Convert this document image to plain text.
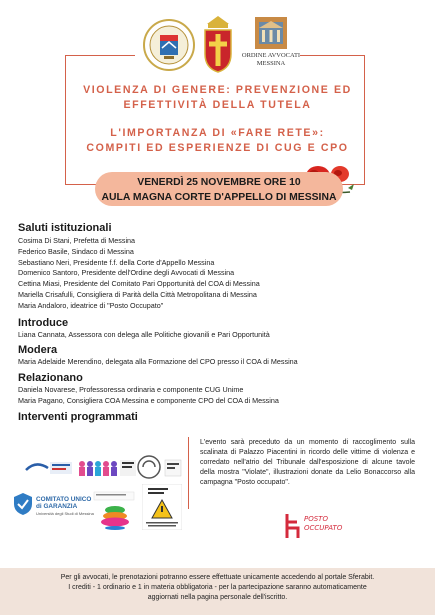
ORDINE AVVOCATI
MESSINA
VIOLENZA DI GENERE: PREVENZIONE ED
EFFETTIVITÀ DELLA TUTELA
L'IMPORTANZA DI «FARE RETE»:
COMPITI ED ESPERIENZE DI CUG E CPO
VENERDÌ 25 NOVEMBRE ORE 10
AULA MAGNA CORTE D'APPELLO DI MESSINA
Saluti istituzionali
Cosima Di Stani, Prefetta di Messina
Federico Basile, Sindaco di Messina
Sebastiano Neri, Presidente f.f. della Corte d'Appello Messina
Domenico Santoro, Presidente dell'Ordine degli Avvocati di Messina
Cettina Miasi, Presidente del Comitato Pari Opportunità del COA di Messina
Mariella Crisafulli, Consigliera di Parità della Città Metropolitana di Messina
Maria Andaloro, ideatrice di "Posto Occupato"
Introduce
Liana Cannata, Assessora con delega alle Politiche giovanili e Pari Opportunità
Modera
Maria Adelaide Merendino, delegata alla Formazione del CPO presso il COA di Messina
Relazionano
Daniela Novarese, Professoressa ordinaria e componente CUG Unime
Maria Pagano, Consigliera COA Messina e componente CPO del COA di Messina
Interventi programmati
L'evento sarà preceduto da un momento di raccoglimento sulla scalinata di Palazzo Piacentini in ricordo delle vittime di violenza e corredato nell'atrio del Tribunale dall'esposizione di alcune tavole della mostra "Violate", illustrazioni donate da Lelio Bonaccorso alla campagna "Posto occupato".
COMITATO UNICO
di GARANZIA
Università degli Studi di Messina
POSTO
OCCUPATO
Per gli avvocati, le prenotazioni potranno essere effettuate unicamente accedendo al portale Sferabit.
I crediti - 1 ordinario e 1 in materia obbligatoria - per la partecipazione saranno automaticamente
aggiornati nella pagina personale dell'iscritto.
